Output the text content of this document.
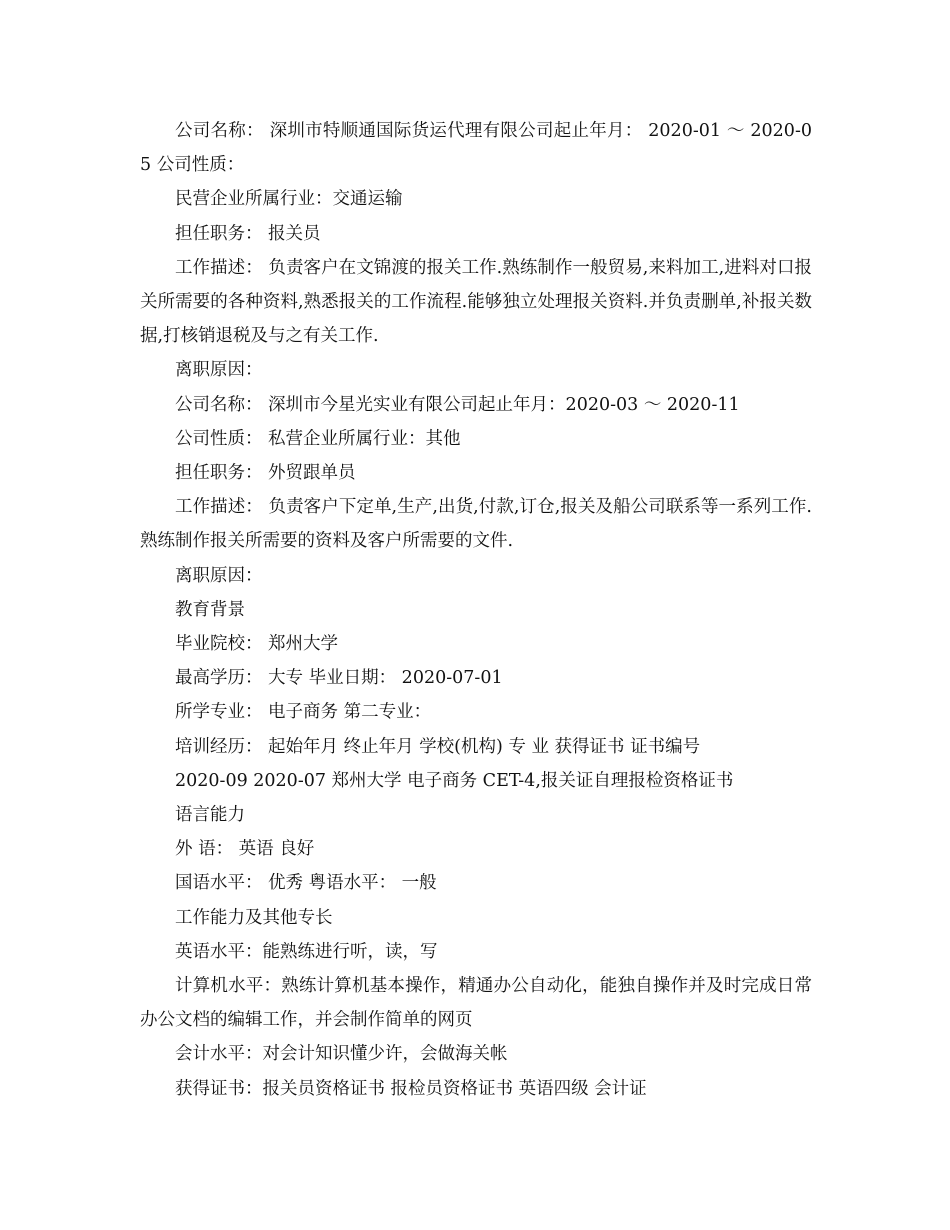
公司名称： 深圳市特顺通国际货运代理有限公司起止年月： 2020-01 ～ 2020-05 公司性质：

民营企业所属行业：交通运输

担任职务： 报关员

工作描述： 负责客户在文锦渡的报关工作.熟练制作一般贸易,来料加工,进料对口报关所需要的各种资料,熟悉报关的工作流程.能够独立处理报关资料.并负责删单,补报关数据,打核销退税及与之有关工作.

离职原因：

公司名称： 深圳市今星光实业有限公司起止年月：2020-03 ～ 2020-11

公司性质： 私营企业所属行业：其他

担任职务： 外贸跟单员

工作描述： 负责客户下定单,生产,出货,付款,订仓,报关及船公司联系等一系列工作.熟练制作报关所需要的资料及客户所需要的文件.

离职原因：

教育背景

毕业院校： 郑州大学

最高学历： 大专 毕业日期： 2020-07-01

所学专业： 电子商务 第二专业：

培训经历： 起始年月 终止年月 学校(机构) 专 业 获得证书 证书编号

2020-09 2020-07 郑州大学 电子商务 CET-4,报关证自理报检资格证书

语言能力

外 语： 英语 良好

国语水平： 优秀 粤语水平： 一般

工作能力及其他专长

英语水平：能熟练进行听，读，写

计算机水平：熟练计算机基本操作，精通办公自动化，能独自操作并及时完成日常办公文档的编辑工作，并会制作简单的网页

会计水平：对会计知识懂少许，会做海关帐

获得证书：报关员资格证书 报检员资格证书 英语四级 会计证
